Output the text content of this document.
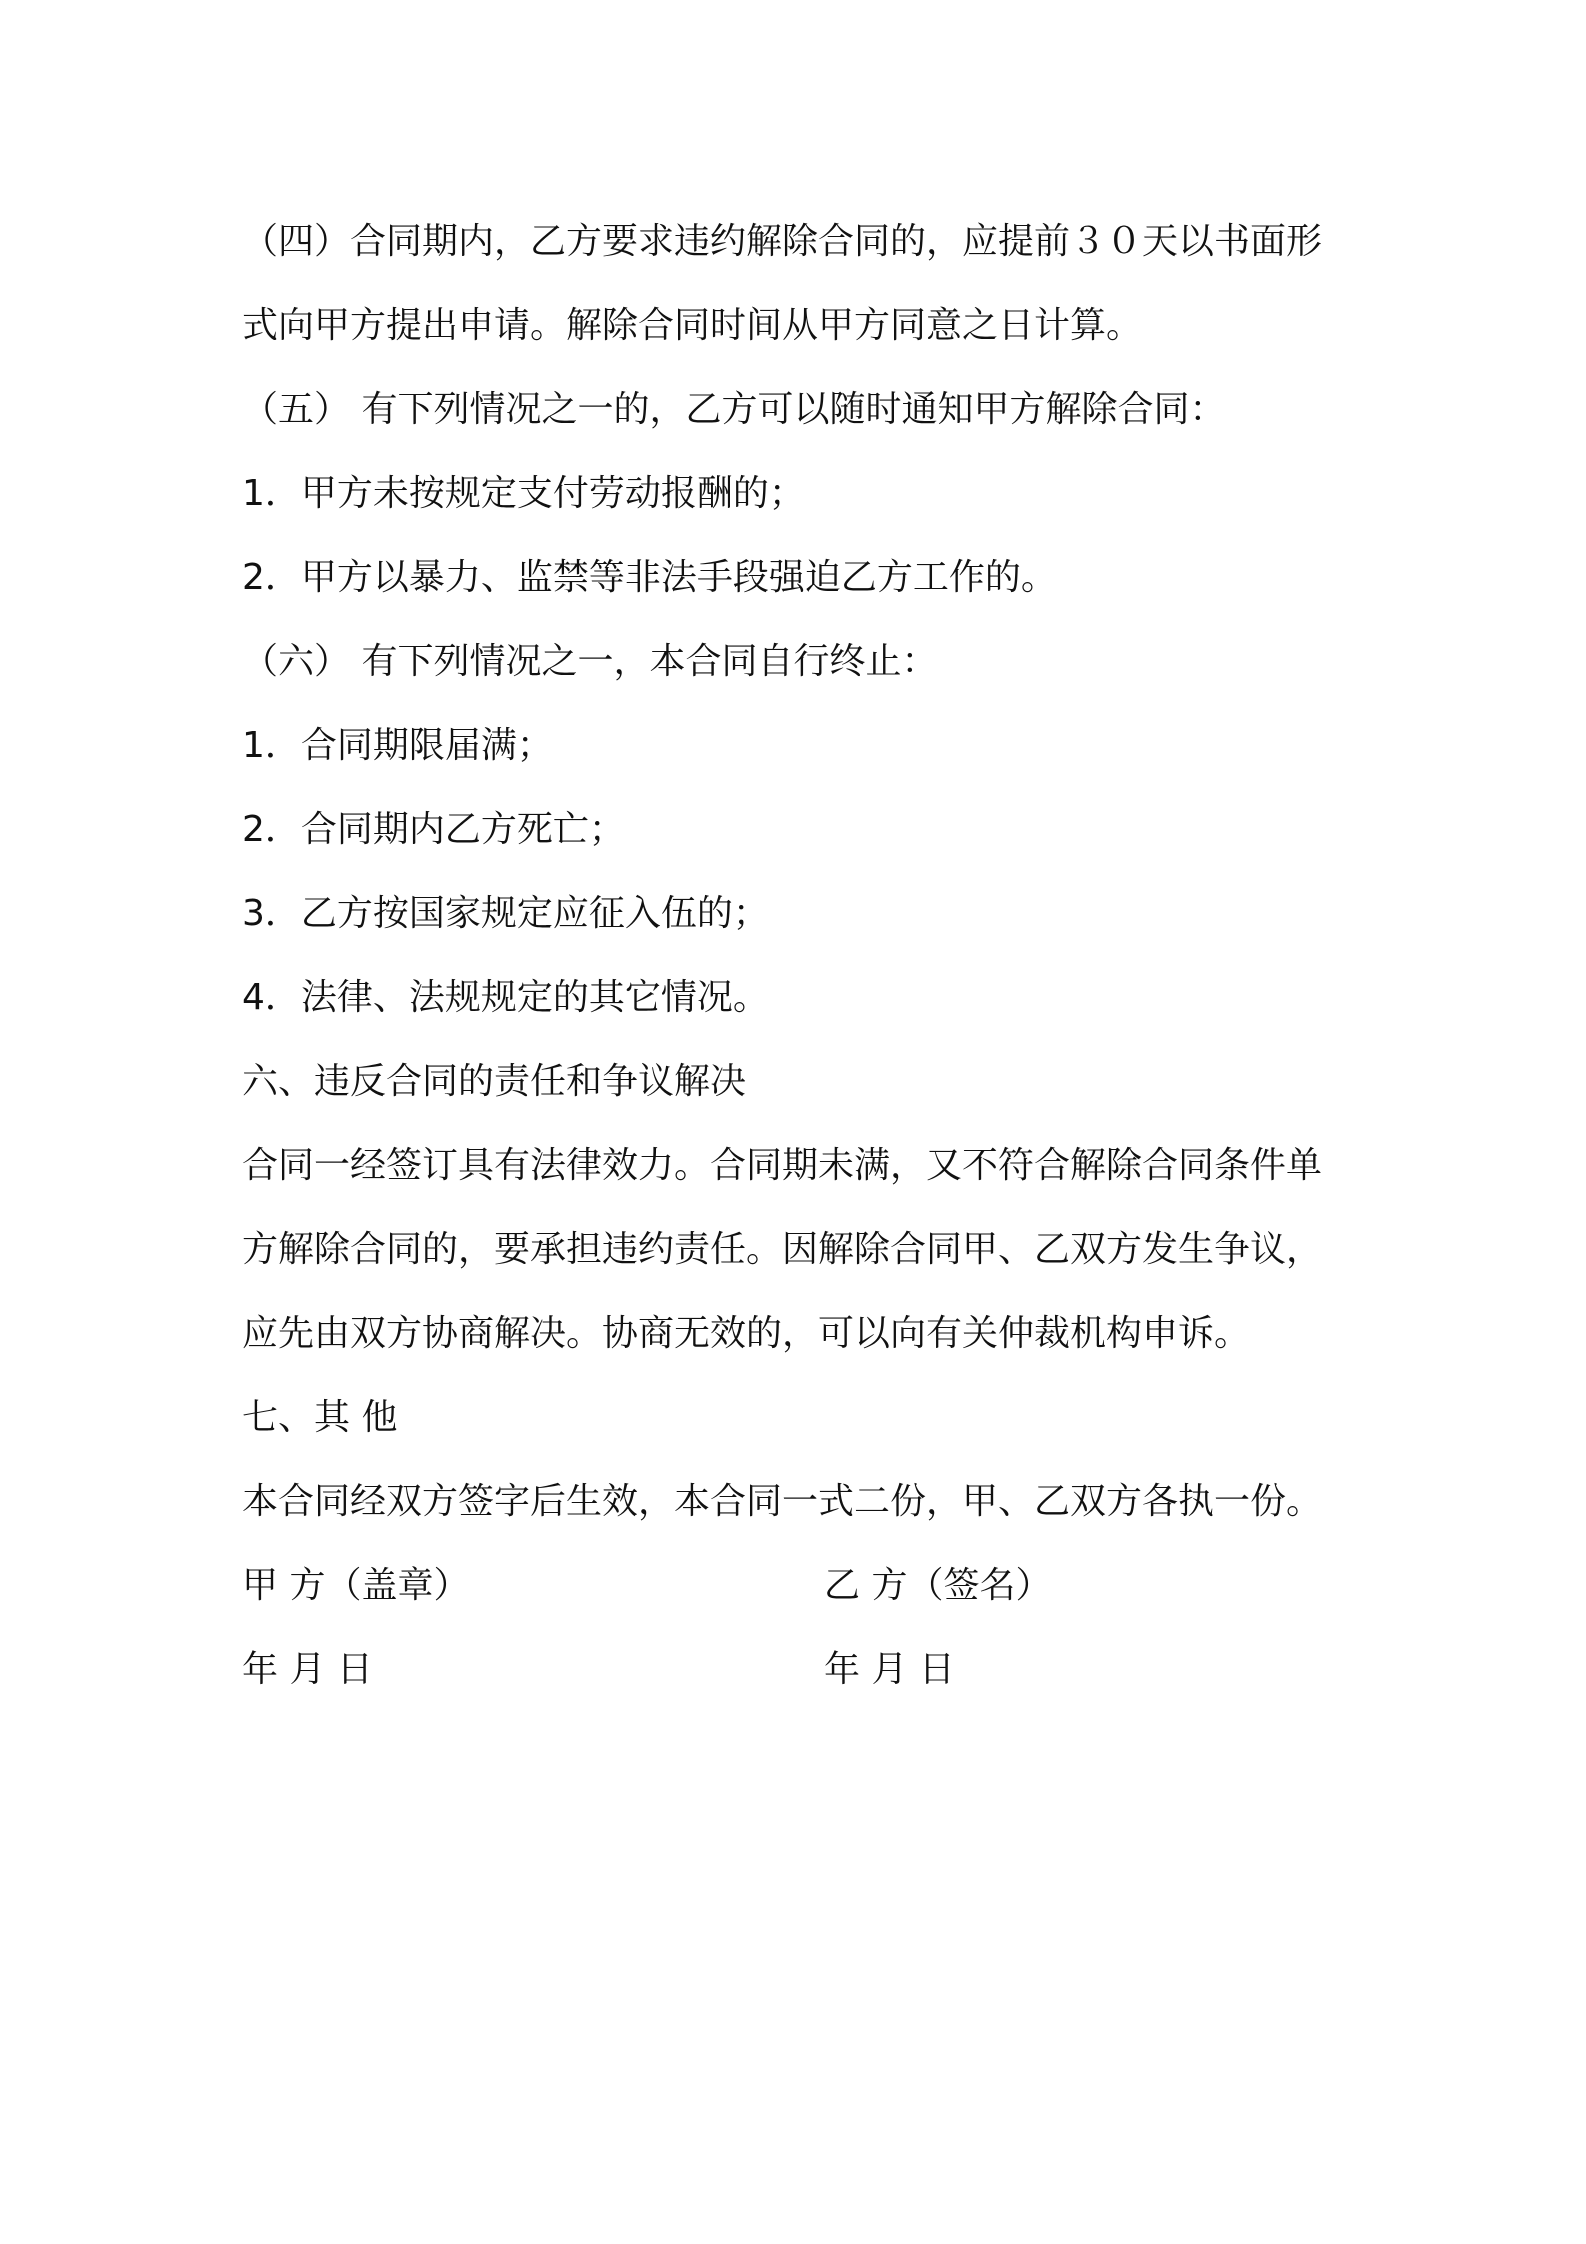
（四）合同期内，乙方要求违约解除合同的，应提前３０天以书面形
式向甲方提出申请。解除合同时间从甲方同意之日计算。
（五） 有下列情况之一的，乙方可以随时通知甲方解除合同：
1．甲方未按规定支付劳动报酬的；
2．甲方以暴力、监禁等非法手段强迫乙方工作的。
（六） 有下列情况之一，本合同自行终止：
1．合同期限届满；
2．合同期内乙方死亡；
3．乙方按国家规定应征入伍的；
4．法律、法规规定的其它情况。
六、违反合同的责任和争议解决
合同一经签订具有法律效力。合同期未满，又不符合解除合同条件单
方解除合同的，要承担违约责任。因解除合同甲、乙双方发生争议，
应先由双方协商解决。协商无效的，可以向有关仲裁机构申诉。
七、其 他
本合同经双方签字后生效，本合同一式二份，甲、乙双方各执一份。
甲 方（盖章）	乙 方（签名）
年 月 日	年 月 日
